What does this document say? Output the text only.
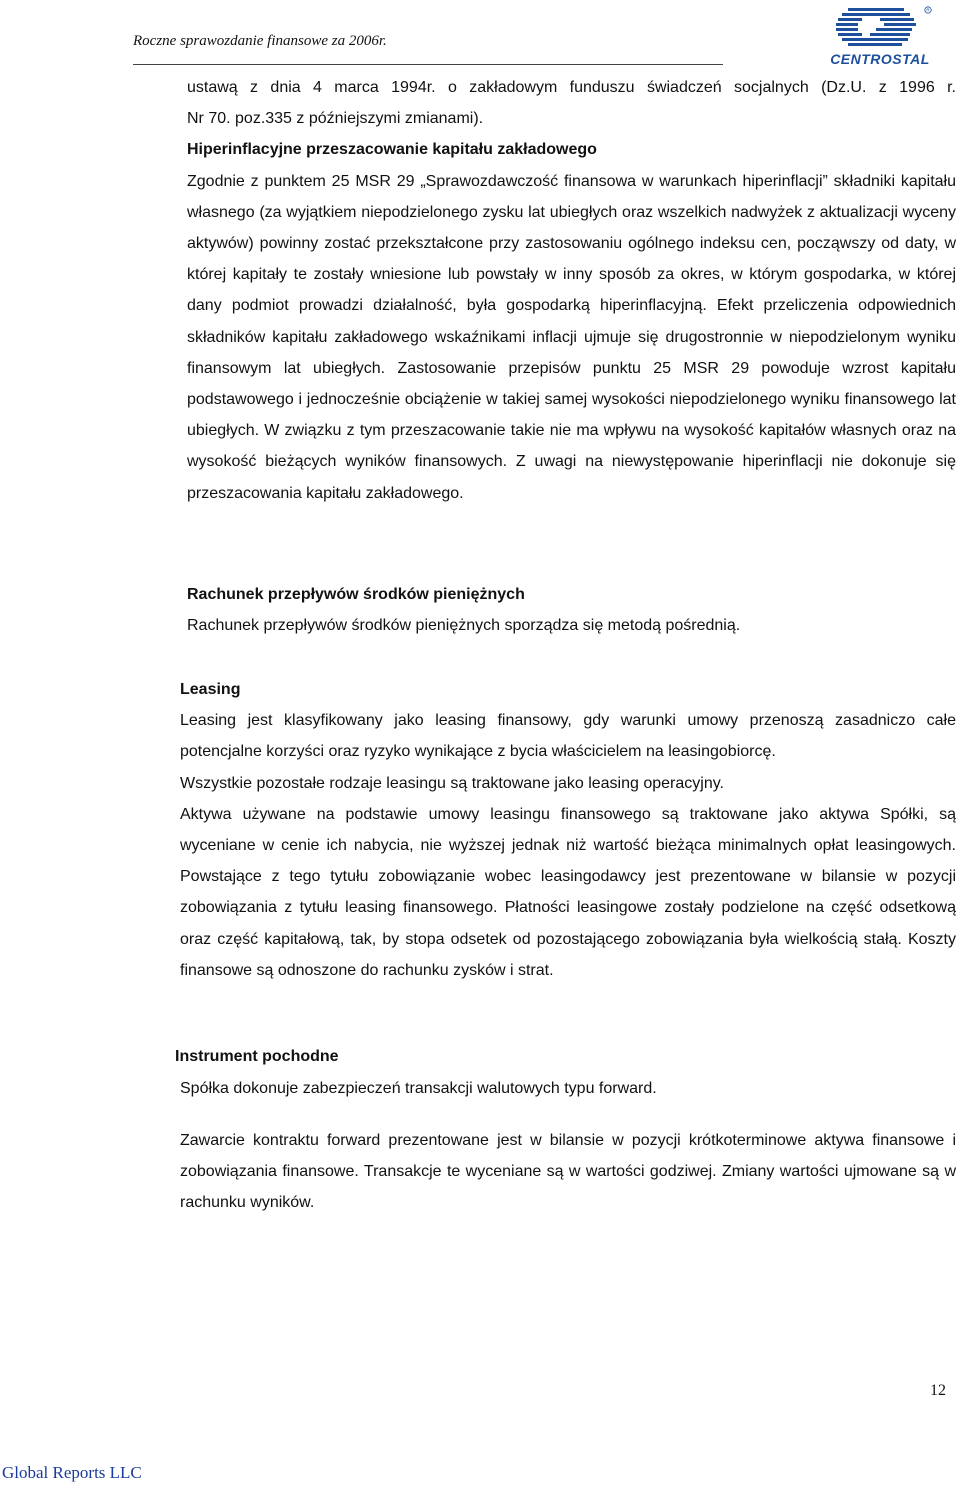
Roczne sprawozdanie finansowe za 2006r.
R
CENTROSTAL
ustawą z dnia 4 marca 1994r. o zakładowym funduszu świadczeń socjalnych (Dz.U. z 1996 r.
Nr 70. poz.335 z późniejszymi zmianami).
Hiperinflacyjne przeszacowanie kapitału zakładowego
Zgodnie z punktem 25 MSR 29 „Sprawozdawczość finansowa w warunkach hiperinflacji” składniki kapitału własnego (za wyjątkiem niepodzielonego zysku lat ubiegłych oraz wszelkich nadwyżek z aktualizacji wyceny aktywów) powinny zostać przekształcone przy zastosowaniu ogólnego indeksu cen, począwszy od daty, w której kapitały te zostały wniesione lub powstały w inny sposób za okres, w którym gospodarka, w której dany podmiot prowadzi działalność, była gospodarką hiperinflacyjną. Efekt przeliczenia odpowiednich składników kapitału zakładowego wskaźnikami inflacji ujmuje się drugostronnie w niepodzielonym wyniku finansowym lat ubiegłych. Zastosowanie przepisów punktu 25 MSR 29 powoduje wzrost kapitału podstawowego i jednocześnie obciążenie w takiej samej wysokości niepodzielonego wyniku finansowego lat ubiegłych. W związku z tym przeszacowanie takie nie ma wpływu na wysokość kapitałów własnych oraz na wysokość bieżących wyników finansowych. Z uwagi na niewystępowanie hiperinflacji nie dokonuje się przeszacowania kapitału zakładowego.
Rachunek przepływów środków pieniężnych
Rachunek przepływów środków pieniężnych sporządza się metodą pośrednią.
Leasing
Leasing jest klasyfikowany jako leasing finansowy, gdy warunki umowy przenoszą zasadniczo całe potencjalne korzyści oraz ryzyko wynikające z bycia właścicielem na leasingobiorcę.
Wszystkie pozostałe rodzaje leasingu są traktowane jako leasing operacyjny.
Aktywa używane na podstawie umowy leasingu finansowego są traktowane jako aktywa Spółki, są wyceniane w cenie ich nabycia, nie wyższej jednak niż wartość bieżąca minimalnych opłat leasingowych. Powstające z tego tytułu zobowiązanie wobec leasingodawcy jest prezentowane w bilansie w pozycji zobowiązania z tytułu leasing finansowego. Płatności leasingowe zostały podzielone na część odsetkową oraz część kapitałową, tak, by stopa odsetek od pozostającego zobowiązania była wielkością stałą. Koszty finansowe są odnoszone do rachunku zysków i strat.
Instrument pochodne
Spółka dokonuje zabezpieczeń transakcji walutowych typu forward.
Zawarcie kontraktu forward prezentowane jest w bilansie w pozycji krótkoterminowe aktywa finansowe i zobowiązania finansowe. Transakcje te wyceniane są w wartości godziwej. Zmiany wartości ujmowane są w rachunku wyników.
12
Global Reports LLC
